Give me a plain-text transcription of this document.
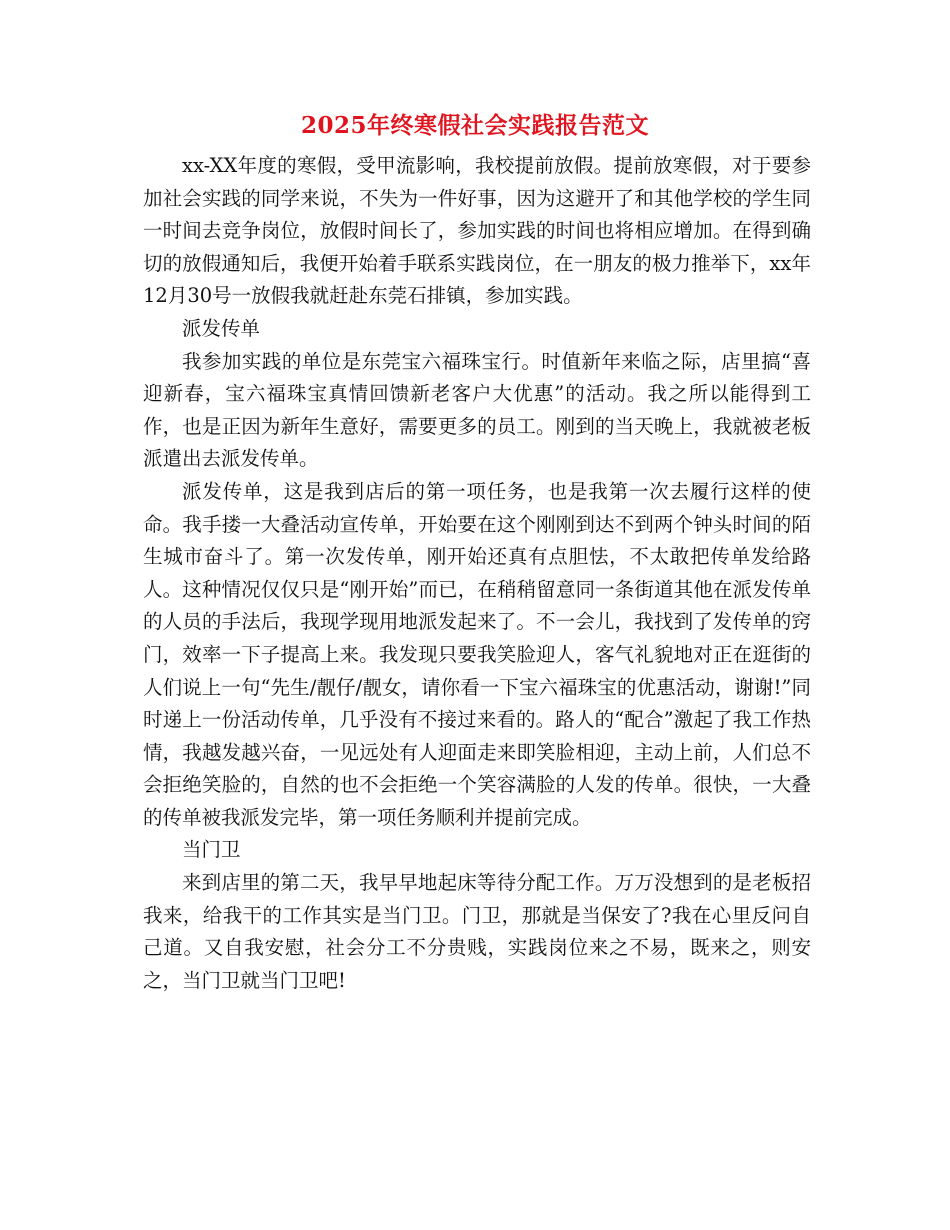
2025年终寒假社会实践报告范文

xx-XX年度的寒假，受甲流影响，我校提前放假。提前放寒假，对于要参加社会实践的同学来说，不失为一件好事，因为这避开了和其他学校的学生同一时间去竞争岗位，放假时间长了，参加实践的时间也将相应增加。在得到确切的放假通知后，我便开始着手联系实践岗位，在一朋友的极力推举下，xx年12月30号一放假我就赶赴东莞石排镇，参加实践。

派发传单

我参加实践的单位是东莞宝六福珠宝行。时值新年来临之际，店里搞“喜迎新春，宝六福珠宝真情回馈新老客户大优惠”的活动。我之所以能得到工作，也是正因为新年生意好，需要更多的员工。刚到的当天晚上，我就被老板派遣出去派发传单。

派发传单，这是我到店后的第一项任务，也是我第一次去履行这样的使命。我手搂一大叠活动宣传单，开始要在这个刚刚到达不到两个钟头时间的陌生城市奋斗了。第一次发传单，刚开始还真有点胆怯，不太敢把传单发给路人。这种情况仅仅只是“刚开始”而已，在稍稍留意同一条街道其他在派发传单的人员的手法后，我现学现用地派发起来了。不一会儿，我找到了发传单的窍门，效率一下子提高上来。我发现只要我笑脸迎人，客气礼貌地对正在逛街的人们说上一句“先生/靓仔/靓女，请你看一下宝六福珠宝的优惠活动，谢谢!”同时递上一份活动传单，几乎没有不接过来看的。路人的“配合”激起了我工作热情，我越发越兴奋，一见远处有人迎面走来即笑脸相迎，主动上前，人们总不会拒绝笑脸的，自然的也不会拒绝一个笑容满脸的人发的传单。很快，一大叠的传单被我派发完毕，第一项任务顺利并提前完成。

当门卫

来到店里的第二天，我早早地起床等待分配工作。万万没想到的是老板招我来，给我干的工作其实是当门卫。门卫，那就是当保安了?我在心里反问自己道。又自我安慰，社会分工不分贵贱，实践岗位来之不易，既来之，则安之，当门卫就当门卫吧!
